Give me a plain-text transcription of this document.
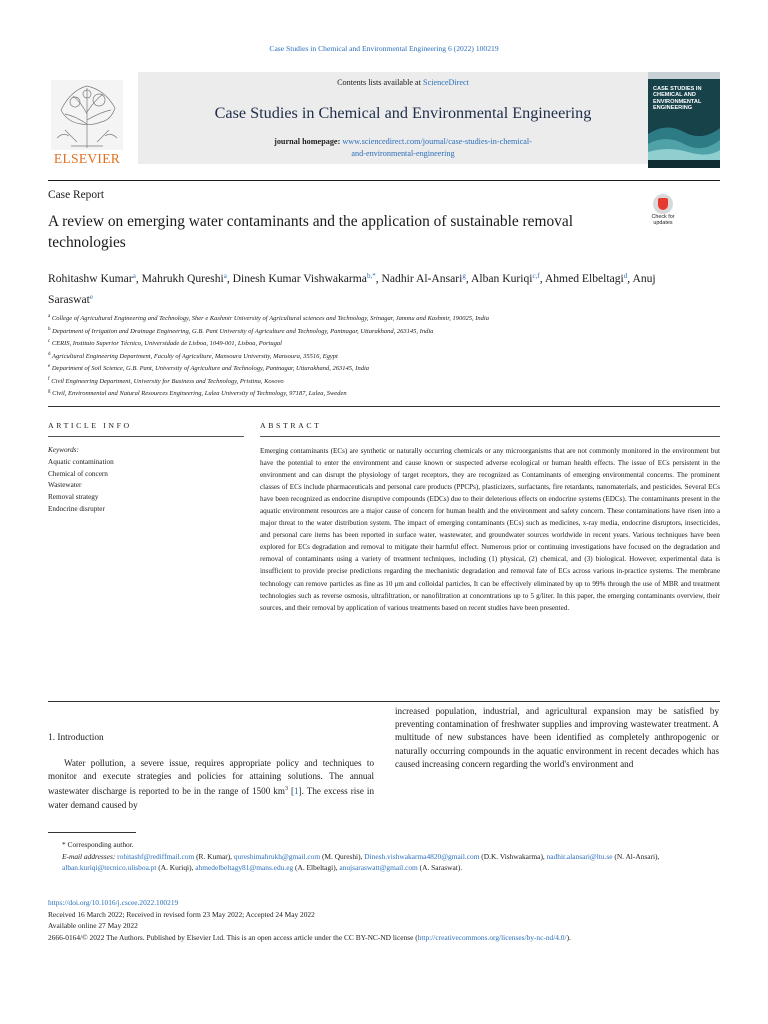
Case Studies in Chemical and Environmental Engineering 6 (2022) 100219
ELSEVIER
Contents lists available at ScienceDirect
Case Studies in Chemical and Environmental Engineering
journal homepage: www.sciencedirect.com/journal/case-studies-in-chemical-
and-environmental-engineering
CASE STUDIES IN CHEMICAL AND ENVIRONMENTAL ENGINEERING
Case Report
A review on emerging water contaminants and the application of sustainable removal technologies
Check for updates
Rohitashw Kumar$^a$, Mahrukh Qureshi$^a$, Dinesh Kumar Vishwakarma$^{b,*}$, Nadhir Al-Ansari$^g$, Alban Kuriqi$^{c,f}$, Ahmed Elbeltagi$^d$, Anuj Saraswat$^e$
$^a$ College of Agricultural Engineering and Technology, Sher e Kashmir University of Agricultural sciences and Technology, Srinagar, Jammu and Kashmir, 190025, India
$^b$ Department of Irrigation and Drainage Engineering, G.B. Pant University of Agriculture and Technology, Pantnagar, Uttarakhand, 263145, India
$^c$ CERIS, Instituto Superior Técnico, Universidade de Lisboa, 1049-001, Lisboa, Portugal
$^d$ Agricultural Engineering Department, Faculty of Agriculture, Mansoura University, Mansoura, 35516, Egypt
$^e$ Department of Soil Science, G.B. Pant, University of Agriculture and Technology, Pantnagar, Uttarakhand, 263145, India
$^f$ Civil Engineering Department, University for Business and Technology, Pristina, Kosovo
$^g$ Civil, Environmental and Natural Resources Engineering, Lulea University of Technology, 97187, Lulea, Sweden
ARTICLE INFO
Keywords:
Aquatic contamination
Chemical of concern
Wastewater
Removal strategy
Endocrine disrupter
ABSTRACT
Emerging contaminants (ECs) are synthetic or naturally occurring chemicals or any microorganisms that are not commonly monitored in the environment but have the potential to enter the environment and cause known or suspected adverse ecological or human health effects. The issue of ECs persistent in the environment and can disrupt the physiology of target receptors, they are recognized as Contaminants of emerging environmental concerns. The prominent classes of ECs include pharmaceuticals and personal care products (PPCPs), plasticizers, surfactants, fire retardants, nanomaterials, and pesticides. Several ECs have been recognized as endocrine disruptive compounds (EDCs) due to their deleterious effects on endocrine systems (EDCs). The contaminants present in the aquatic environment resources are a major cause of concern for human health and the environment and safety concern. These contaminations have risen into a major threat to the water distribution system. The impact of emerging contaminants (ECs) such as medicines, x-ray media, endocrine disruptors, insecticides, and personal care items has been reported in surface water, wastewater, and groundwater sources worldwide in recent years. Various techniques have been explored for ECs degradation and removal to mitigate their harmful effect. Numerous prior or continuing investigations have focused on the degradation and removal of contaminants using a variety of treatment techniques, including (1) physical, (2) chemical, and (3) biological. However, experimental data is insufficient to provide precise predictions regarding the mechanistic degradation and removal fate of ECs across various in-practice systems. The membrane technology can remove particles as fine as 10 μm and colloidal particles, It can be effectively eliminated by up to 99% through the use of MBR and treatment technologies such as reverse osmosis, ultrafiltration, or nanofiltration at concentrations up to 5 g/liter. In this paper, the emerging contaminants overview, their sources, and their removal by application of various treatments based on recent studies have been presented.
1. Introduction
Water pollution, a severe issue, requires appropriate policy and techniques to monitor and execute strategies and policies for attaining solutions. The annual wastewater discharge is reported to be in the range of 1500 $km^3$ [1]. The excess rise in water demand caused by
increased population, industrial, and agricultural expansion may be satisfied by preventing contamination of freshwater supplies and improving wastewater treatment. A multitude of new substances have been identified as completely anthropogenic or naturally occurring compounds in the aquatic environment in recent decades which has caused increasing concern regarding the world's environment and
* Corresponding author.
E-mail addresses: rohitashf@rediffmail.com (R. Kumar), qureshimahrukh@gmail.com (M. Qureshi), Dinesh.vishwakarma4820@gmail.com (D.K. Vishwakarma), nadhir.alansari@ltu.se (N. Al-Ansari), alban.kuriqi@tecnico.ulisboa.pt (A. Kuriqi), ahmedelbeltagy81@mans.edu.eg (A. Elbeltagi), anujsaraswatt@gmail.com (A. Saraswat).
https://doi.org/10.1016/j.cscee.2022.100219
Received 16 March 2022; Received in revised form 23 May 2022; Accepted 24 May 2022
Available online 27 May 2022
2666-0164/© 2022 The Authors. Published by Elsevier Ltd. This is an open access article under the CC BY-NC-ND license (http://creativecommons.org/licenses/by-nc-nd/4.0/).
